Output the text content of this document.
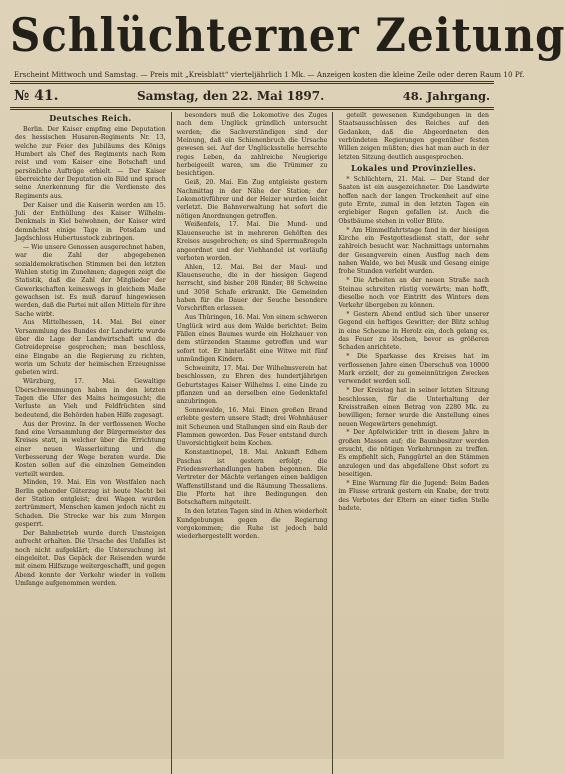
Schlüchterner Zeitung
Erscheint Mittwoch und Samstag. — Preis mit „Kreisblatt“ vierteljährlich 1 Mk. — Anzeigen kosten die kleine Zeile oder deren Raum 10 Pf.
№ 41.	Samstag, den 22. Mai 1897.	48. Jahrgang.
Deutsches Reich.

Berlin. Der Kaiser empfing eine Deputation des hessischen Husaren-Regiments Nr. 13, welche zur Feier des Jubiläums des Königs Humbert als Chef des Regiments nach Rom reist und vom Kaiser eine Botschaft und persönliche Aufträge erhielt. — Der Kaiser überreichte der Deputation ein Bild und sprach seine Anerkennung für die Verdienste des Regiments aus.

Der Kaiser und die Kaiserin werden am 15. Juli der Enthüllung des Kaiser Wilhelm-Denkmals in Kiel beiwohnen, der Kaiser wird demnächst einige Tage in Potsdam und Jagdschloss Hubertusstock zubringen.

— Wie unsere Genossen ausgerechnet haben, war die Zahl der abgegebenen sozialdemokratischen Stimmen bei den letzten Wahlen stetig im Zunehmen; dagegen zeigt die Statistik, daß die Zahl der Mitglieder der Gewerkschaften keineswegs in gleichem Maße gewachsen ist. Es muß darauf hingewiesen werden, daß die Partei mit allen Mitteln für ihre Sache wirbt.

Aus Mittelhessen, 14. Mai. Bei einer Versammlung des Bundes der Landwirte wurde über die Lage der Landwirtschaft und die Getreidepreise gesprochen; man beschloss, eine Eingabe an die Regierung zu richten, worin um Schutz der heimischen Erzeugnisse gebeten wird.

Würzburg, 17. Mai. Gewaltige Überschwemmungen haben in den letzten Tagen die Ufer des Mains heimgesucht; die Verluste an Vieh und Feldfrüchten sind bedeutend, die Behörden haben Hilfe zugesagt.

Aus der Provinz. In der verflossenen Woche fand eine Versammlung der Bürgermeister des Kreises statt, in welcher über die Errichtung einer neuen Wasserleitung und die Verbesserung der Wege beraten wurde. Die Kosten sollen auf die einzelnen Gemeinden verteilt werden.

Minden, 19. Mai. Ein von Westfalen nach Berlin gehender Güterzug ist heute Nacht bei der Station entgleist; drei Wagen wurden zertrümmert, Menschen kamen jedoch nicht zu Schaden. Die Strecke war bis zum Morgen gesperrt.

Der Bahnbetrieb wurde durch Umsteigen aufrecht erhalten. Die Ursache des Unfalles ist noch nicht aufgeklärt; die Untersuchung ist eingeleitet. Das Gepäck der Reisenden wurde mit einem Hilfszuge weitergeschafft, und gegen Abend konnte der Verkehr wieder in vollem Umfange aufgenommen werden.

besonders muß die Lokomotive des Zuges nach dem Unglück gründlich untersucht werden; die Sachverständigen sind der Meinung, daß ein Schienenbruch die Ursache gewesen sei. Auf der Unglücksstelle herrschte reges Leben, da zahlreiche Neugierige herbeigeeilt waren, um die Trümmer zu besichtigen.

Geiß, 20. Mai. Ein Zug entgleiste gestern Nachmittag in der Nähe der Station; der Lokomotivführer und der Heizer wurden leicht verletzt. Die Bahnverwaltung hat sofort die nötigen Anordnungen getroffen.

Weißenfels, 17. Mai. Die Mund- und Klauenseuche ist in mehreren Gehöften des Kreises ausgebrochen; es sind Sperrmaßregeln angeordnet und der Viehhandel ist vorläufig verboten worden.

Ahlen, 12. Mai. Bei der Maul- und Klauenseuche, die in der hiesigen Gegend herrscht, sind bisher 208 Rinder, 88 Schweine und 3058 Schafe erkrankt. Die Gemeinden haben für die Dauer der Seuche besondere Vorschriften erlassen.

Aus Thüringen, 16. Mai. Von einem schweren Unglück wird aus dem Walde berichtet: Beim Fällen eines Baumes wurde ein Holzhauer von dem stürzenden Stamme getroffen und war sofort tot. Er hinterläßt eine Witwe mit fünf unmündigen Kindern.

Schweinitz, 17. Mai. Der Wilhelmsverein hat beschlossen, zu Ehren des hundertjährigen Geburtstages Kaiser Wilhelms I. eine Linde zu pflanzen und an derselben eine Gedenktafel anzubringen.

Sonnewalde, 16. Mai. Einen großen Brand erlebte gestern unsere Stadt; drei Wohnhäuser mit Scheunen und Stallungen sind ein Raub der Flammen geworden. Das Feuer entstand durch Unvorsichtigkeit beim Kochen.

Konstantinopel, 18. Mai. Ankunft Edhem Paschas ist gestern erfolgt; die Friedensverhandlungen haben begonnen. Die Vertreter der Mächte verlangen einen baldigen Waffenstillstand und die Räumung Thessaliens. Die Pforte hat ihre Bedingungen den Botschaftern mitgeteilt.

In den letzten Tagen sind in Athen wiederholt Kundgebungen gegen die Regierung vorgekommen; die Ruhe ist jedoch bald wiederhergestellt worden.

geteilt gewesenen Kundgebungen in den Staatsausschüssen des Reiches auf den Gedanken, daß die Abgeordneten den verbündeten Regierungen gegenüber festen Willen zeigen müßten; dies hat man auch in der letzten Sitzung deutlich ausgesprochen.

Lokales und Provinzielles.

* Schlüchtern, 21. Mai. — Der Stand der Saaten ist ein ausgezeichneter. Die Landwirte hoffen nach der langen Trockenheit auf eine gute Ernte, zumal in den letzten Tagen ein ergiebiger Regen gefallen ist. Auch die Obstbäume stehen in voller Blüte.

* Am Himmelfahrtstage fand in der hiesigen Kirche ein Festgottesdienst statt, der sehr zahlreich besucht war. Nachmittags unternahm der Gesangverein einen Ausflug nach dem nahen Walde, wo bei Musik und Gesang einige frohe Stunden verlebt wurden.

* Die Arbeiten an der neuen Straße nach Steinau schreiten rüstig vorwärts; man hofft, dieselbe noch vor Eintritt des Winters dem Verkehr übergeben zu können.

* Gestern Abend entlud sich über unserer Gegend ein heftiges Gewitter; der Blitz schlug in eine Scheune in Herolz ein, doch gelang es, das Feuer zu löschen, bevor es größeren Schaden anrichtete.

* Die Sparkasse des Kreises hat im verflossenen Jahre einen Überschuß von 10000 Mark erzielt, der zu gemeinnützigen Zwecken verwendet werden soll.

* Der Kreistag hat in seiner letzten Sitzung beschlossen, für die Unterhaltung der Kreisstraßen einen Betrag von 2280 Mk. zu bewilligen; ferner wurde die Anstellung eines neuen Wegewärters genehmigt.

* Der Apfelwickler tritt in diesem Jahre in großen Massen auf; die Baumbesitzer werden ersucht, die nötigen Vorkehrungen zu treffen. Es empfiehlt sich, Fanggürtel an den Stämmen anzulegen und das abgefallene Obst sofort zu beseitigen.

* Eine Warnung für die Jugend: Beim Baden im Flusse ertrank gestern ein Knabe, der trotz des Verbotes der Eltern an einer tiefen Stelle badete.
